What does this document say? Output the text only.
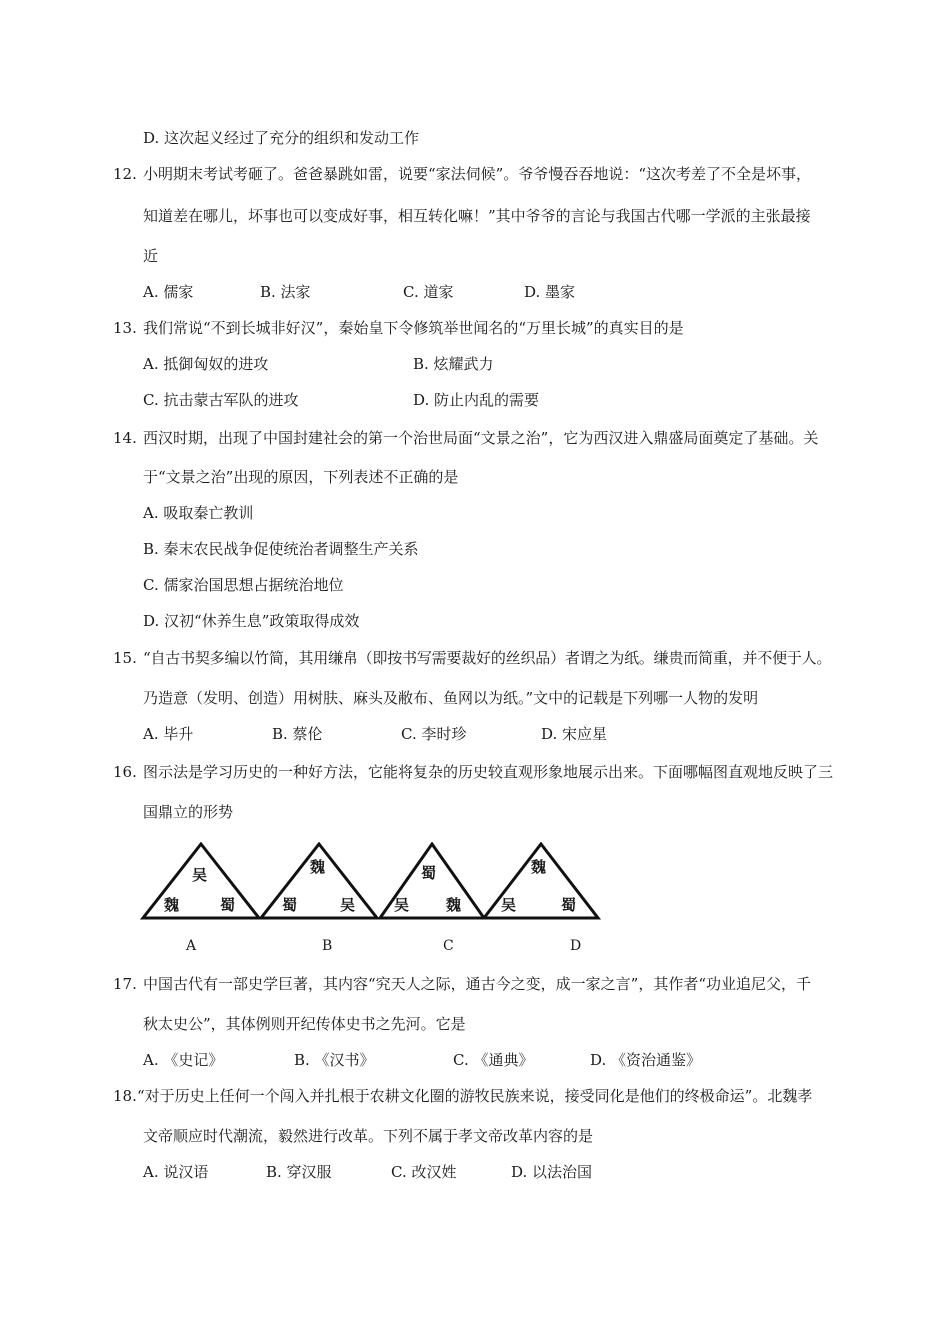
D. 这次起义经过了充分的组织和发动工作
12. 小明期末考试考砸了。爸爸暴跳如雷，说要“家法伺候”。爷爷慢吞吞地说：“这次考差了不全是坏事，
知道差在哪儿，坏事也可以变成好事，相互转化嘛！”其中爷爷的言论与我国古代哪一学派的主张最接
近
A. 儒家	B. 法家	C. 道家	D. 墨家
13. 我们常说“不到长城非好汉”，秦始皇下令修筑举世闻名的“万里长城”的真实目的是
A. 抵御匈奴的进攻	B. 炫耀武力
C. 抗击蒙古军队的进攻	D. 防止内乱的需要
14. 西汉时期，出现了中国封建社会的第一个治世局面“文景之治”，它为西汉进入鼎盛局面奠定了基础。关
于“文景之治”出现的原因，下列表述不正确的是
A. 吸取秦亡教训
B. 秦末农民战争促使统治者调整生产关系
C. 儒家治国思想占据统治地位
D. 汉初“休养生息”政策取得成效
15. “自古书契多编以竹简，其用缣帛（即按书写需要裁好的丝织品）者谓之为纸。缣贵而简重，并不便于人。
乃造意（发明、创造）用树肤、麻头及敝布、鱼网以为纸。”文中的记载是下列哪一人物的发明
A. 毕升	B. 蔡伦	C. 李时珍	D. 宋应星
16. 图示法是学习历史的一种好方法，它能将复杂的历史较直观形象地展示出来。下面哪幅图直观地反映了三
国鼎立的形势
吴
魏	蜀
魏
蜀	吴
蜀
吴 魏
魏
吴	蜀
A	B	C	D
17. 中国古代有一部史学巨著，其内容“究天人之际，通古今之变，成一家之言”，其作者“功业追尼父，千
秋太史公”，其体例则开纪传体史书之先河。它是
A. 《史记》	B. 《汉书》	C. 《通典》	D. 《资治通鉴》
18. “对于历史上任何一个闯入并扎根于农耕文化圈的游牧民族来说，接受同化是他们的终极命运”。北魏孝
文帝顺应时代潮流，毅然进行改革。下列不属于孝文帝改革内容的是
A. 说汉语	B. 穿汉服	C. 改汉姓	D. 以法治国
